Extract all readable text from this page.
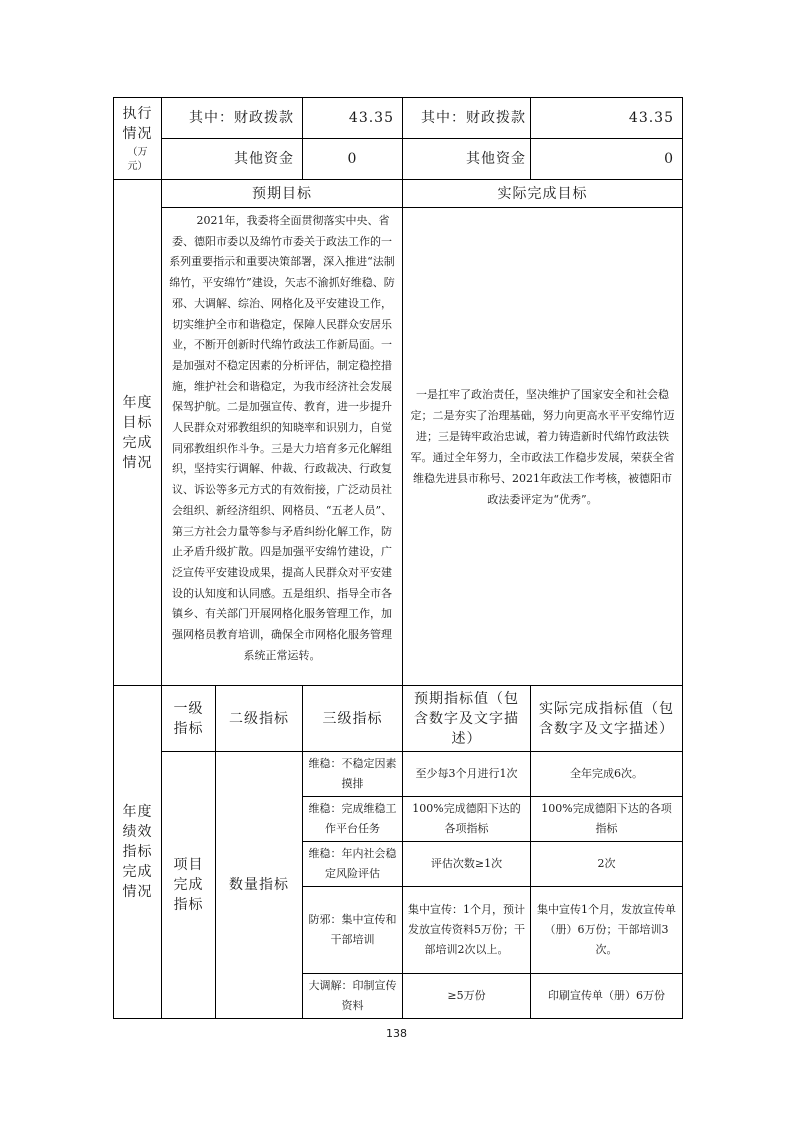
执行情况
（万元）	其中：财政拨款		43.35	其中：财政拨款	43.35
	其他资金		0	其他资金	0

年度目标完成情况	预期目标			实际完成目标	

	2021年，我委将全面贯彻落实中央、省委、德阳市委以及绵竹市委关于政法工作的一系列重要指示和重要决策部署，深入推进“法制绵竹，平安绵竹”建设，矢志不渝抓好维稳、防邪、大调解、综治、网格化及平安建设工作，切实维护全市和谐稳定，保障人民群众安居乐业，不断开创新时代绵竹政法工作新局面。一是加强对不稳定因素的分析评估，制定稳控措施，维护社会和谐稳定，为我市经济社会发展保驾护航。二是加强宣传、教育，进一步提升人民群众对邪教组织的知晓率和识别力，自觉同邪教组织作斗争。三是大力培育多元化解组织，坚持实行调解、仲裁、行政裁决、行政复议、诉讼等多元方式的有效衔接，广泛动员社会组织、新经济组织、网格员、“五老人员”、第三方社会力量等参与矛盾纠纷化解工作，防止矛盾升级扩散。四是加强平安绵竹建设，广泛宣传平安建设成果，提高人民群众对平安建设的认知度和认同感。五是组织、指导全市各镇乡、有关部门开展网格化服务管理工作，加强网格员教育培训，确保全市网格化服务管理系统正常运转。			一是扛牢了政治责任，坚决维护了国家安全和社会稳定；二是夯实了治理基础，努力向更高水平平安绵竹迈进；三是铸牢政治忠诚，着力铸造新时代绵竹政法铁军。通过全年努力，全市政法工作稳步发展，荣获全省维稳先进县市称号、2021年政法工作考核，被德阳市政法委评定为“优秀”。	

年度绩效指标完成情况	一级指标	二级指标	三级指标	预期指标值（包含数字及文字描述）	实际完成指标值（包含数字及文字描述）

	项目完成指标	数量指标	维稳：不稳定因素摸排	至少每3个月进行1次	全年完成6次。
			维稳：完成维稳工作平台任务	100%完成德阳下达的各项指标	100%完成德阳下达的各项指标
			维稳：年内社会稳定风险评估	评估次数≥1次	2次
			防邪：集中宣传和干部培训	集中宣传：1个月，预计发放宣传资料5万份；干部培训2次以上。	集中宣传1个月，发放宣传单（册）6万份；干部培训3次。
			大调解：印制宣传资料	≥5万份	印刷宣传单（册）6万份
138
